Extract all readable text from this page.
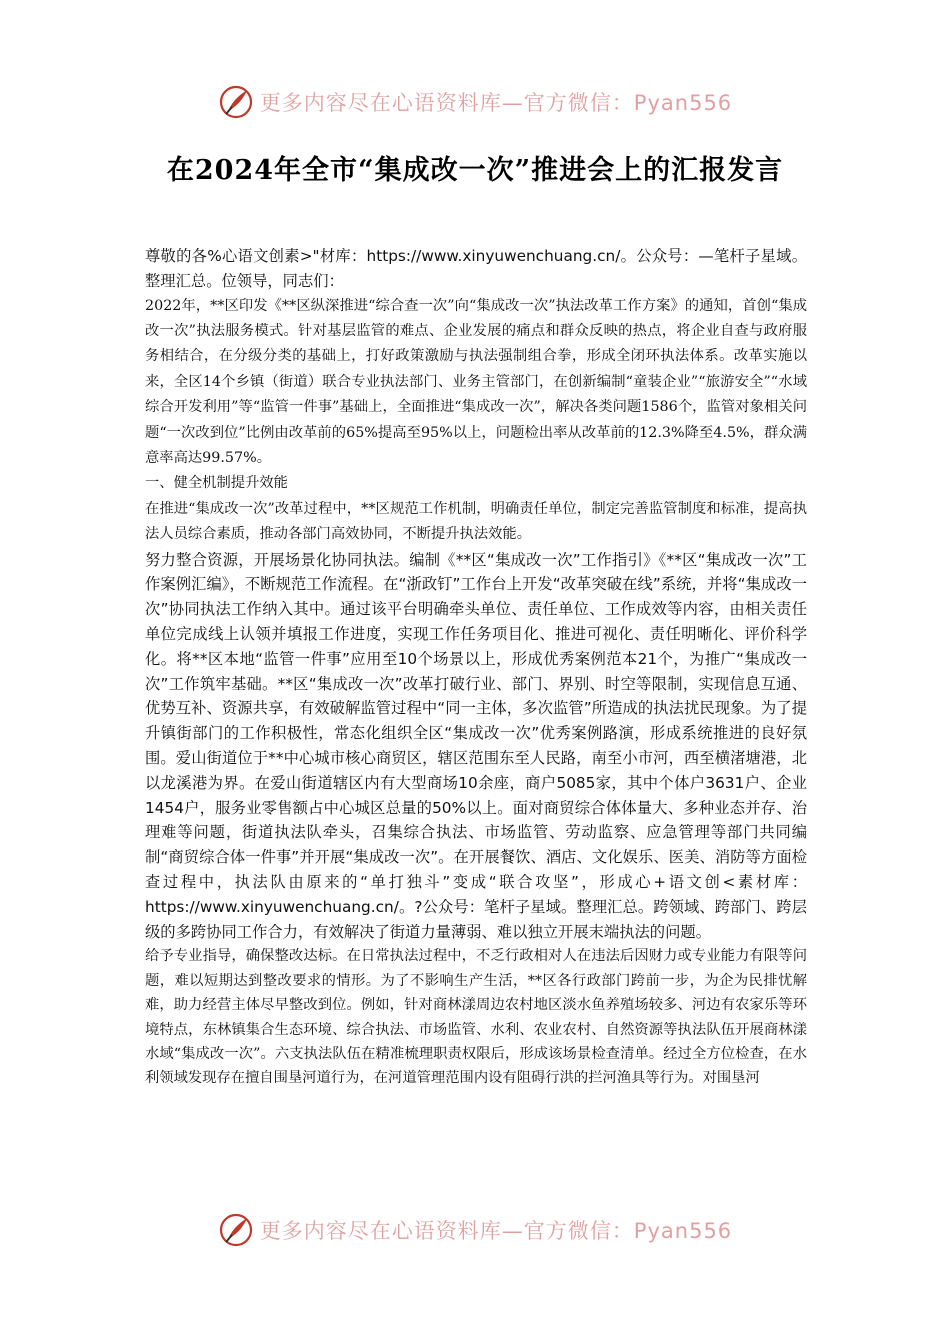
更多内容尽在心语资料库—官方微信：Pyan556
在2024年全市“集成改一次”推进会上的汇报发言

尊敬的各%心语文创素>"材库：https://www.xinyuwenchuang.cn/。公众号：—笔杆子星域。整理汇总。位领导，同志们：

2022年，**区印发《**区纵深推进“综合查一次”向“集成改一次”执法改革工作方案》的通知，首创“集成改一次”执法服务模式。针对基层监管的难点、企业发展的痛点和群众反映的热点，将企业自查与政府服务相结合，在分级分类的基础上，打好政策激励与执法强制组合拳，形成全闭环执法体系。改革实施以来，全区14个乡镇（街道）联合专业执法部门、业务主管部门，在创新编制“童装企业”“旅游安全”“水域综合开发利用”等“监管一件事”基础上，全面推进“集成改一次”，解决各类问题1586个，监管对象相关问题“一次改到位”比例由改革前的65%提高至95%以上，问题检出率从改革前的12.3%降至4.5%，群众满意率高达99.57%。

一、健全机制提升效能

在推进“集成改一次”改革过程中，**区规范工作机制，明确责任单位，制定完善监管制度和标准，提高执法人员综合素质，推动各部门高效协同，不断提升执法效能。

努力整合资源，开展场景化协同执法。编制《**区“集成改一次”工作指引》《**区“集成改一次”工作案例汇编》，不断规范工作流程。在“浙政钉”工作台上开发“改革突破在线”系统，并将“集成改一次”协同执法工作纳入其中。通过该平台明确牵头单位、责任单位、工作成效等内容，由相关责任单位完成线上认领并填报工作进度，实现工作任务项目化、推进可视化、责任明晰化、评价科学化。将**区本地“监管一件事”应用至10个场景以上，形成优秀案例范本21个，为推广“集成改一次”工作筑牢基础。**区“集成改一次”改革打破行业、部门、界别、时空等限制，实现信息互通、优势互补、资源共享，有效破解监管过程中“同一主体，多次监管”所造成的执法扰民现象。为了提升镇街部门的工作积极性，常态化组织全区“集成改一次”优秀案例路演，形成系统推进的良好氛围。爱山街道位于**中心城市核心商贸区，辖区范围东至人民路，南至小市河，西至横渚塘港，北以龙溪港为界。在爱山街道辖区内有大型商场10余座，商户5085家，其中个体户3631户、企业1454户，服务业零售额占中心城区总量的50%以上。面对商贸综合体体量大、多种业态并存、治理难等问题，街道执法队牵头，召集综合执法、市场监管、劳动监察、应急管理等部门共同编制“商贸综合体一件事”并开展“集成改一次”。在开展餐饮、酒店、文化娱乐、医美、消防等方面检查过程中，执法队由原来的“单打独斗”变成“联合攻坚”，形成心+语文创<素材库：https://www.xinyuwenchuang.cn/。?公众号：笔杆子星域。整理汇总。跨领域、跨部门、跨层级的多跨协同工作合力，有效解决了街道力量薄弱、难以独立开展末端执法的问题。

给予专业指导，确保整改达标。在日常执法过程中，不乏行政相对人在违法后因财力或专业能力有限等问题，难以短期达到整改要求的情形。为了不影响生产生活，**区各行政部门跨前一步，为企为民排忧解难，助力经营主体尽早整改到位。例如，针对商林漾周边农村地区淡水鱼养殖场较多、河边有农家乐等环境特点，东林镇集合生态环境、综合执法、市场监管、水利、农业农村、自然资源等执法队伍开展商林漾水域“集成改一次”。六支执法队伍在精准梳理职责权限后，形成该场景检查清单。经过全方位检查，在水利领域发现存在擅自围垦河道行为，在河道管理范围内设有阻碍行洪的拦河渔具等行为。对围垦河

更多内容尽在心语资料库—官方微信：Pyan556
